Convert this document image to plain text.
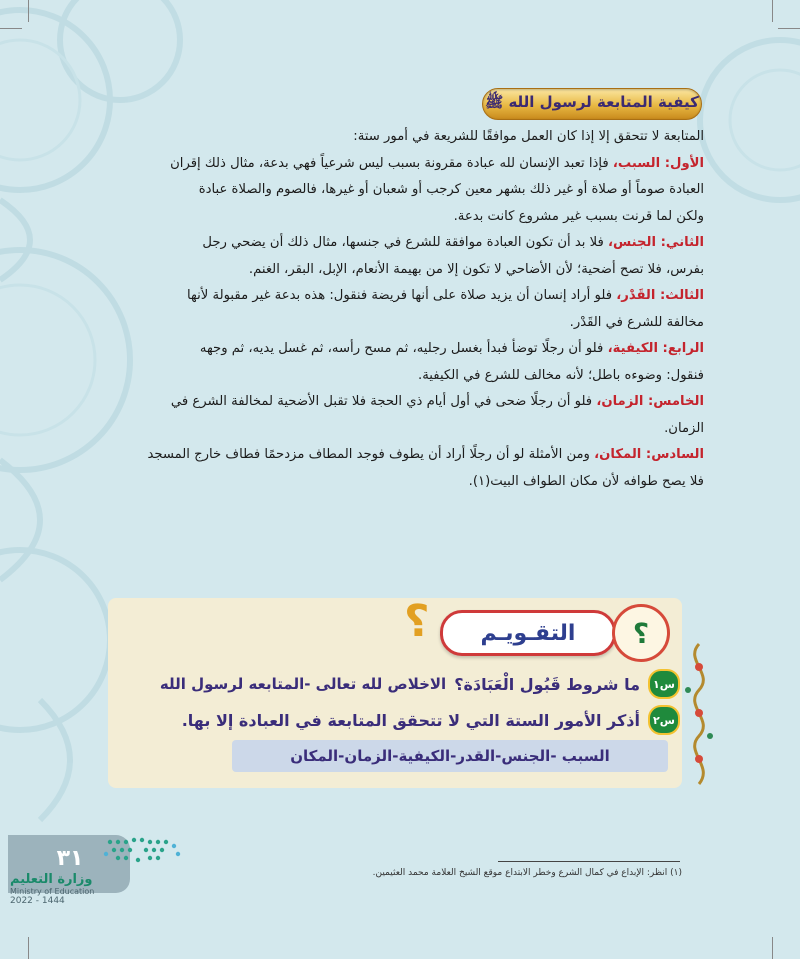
كيفية المتابعة لرسول الله ﷺ

المتابعة لا تتحقق إلا إذا كان العمل موافقًا للشريعة في أمور ستة:

الأول: السبب، فإذا تعبد الإنسان لله عبادة مقرونة بسبب ليس شرعياً فهي بدعة، مثال ذلك إقران
العبادة صوماً أو صلاة أو غير ذلك بشهر معين كرجب أو شعبان أو غيرها، فالصوم والصلاة عبادة
ولكن لما قرنت بسبب غير مشروع كانت بدعة.

الثاني: الجنس، فلا بد أن تكون العبادة موافقة للشرع في جنسها، مثال ذلك أن يضحي رجل
بفرس، فلا تصح أضحية؛ لأن الأضاحي لا تكون إلا من بهيمة الأنعام، الإبل، البقر، الغنم.

الثالث: القَدْر، فلو أراد إنسان أن يزيد صلاة على أنها فريضة فنقول: هذه بدعة غير مقبولة لأنها
مخالفة للشرع في القَدْر.

الرابع: الكيفية، فلو أن رجلًا توضأ فبدأ بغسل رجليه، ثم مسح رأسه، ثم غسل يديه، ثم وجهه
فنقول: وضوءه باطل؛ لأنه مخالف للشرع في الكيفية.

الخامس: الزمان، فلو أن رجلًا ضحى في أول أيام ذي الحجة فلا تقبل الأضحية لمخالفة الشرع في
الزمان.

السادس: المكان، ومن الأمثلة لو أن رجلًا أراد أن يطوف فوجد المطاف مزدحمًا فطاف خارج المسجد
فلا يصح طوافه لأن مكان الطواف البيت(١).

؟	التقـويـم	؟
س١
ما شروط قَبُول الْعَبَادَة؟
الاخلاص لله تعالى -المتابعه لرسول الله
س٢
أذكر الأمور الستة التي لا تتحقق المتابعة في العبادة إلا بها.
السبب -الجنس-القدر-الكيفية-الزمان-المكان
(١) انظر: الإبداع في كمال الشرع وخطر الابتداع موقع الشيخ العلامة محمد العثيمين.
٣١
وزارة التعليم
Ministry of Education
2022 - 1444
